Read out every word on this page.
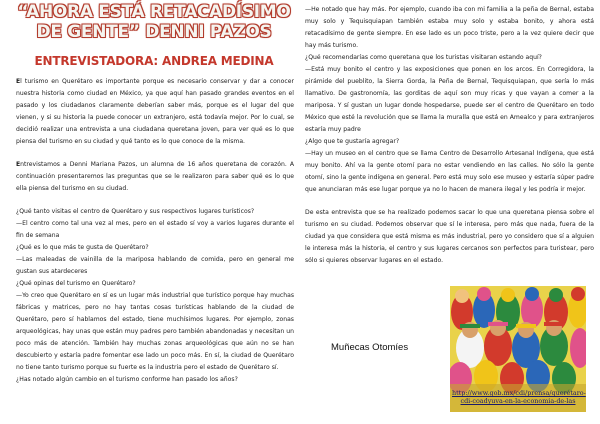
“AHORA ESTÁ RETACADÍSIMO DE GENTE” DENNI PAZOS
ENTREVISTADORA: ANDREA MEDINA

El turismo en Querétaro es importante porque es necesario conservar y dar a conocer nuestra historia como ciudad en México, ya que aquí han pasado grandes eventos en el pasado y los ciudadanos claramente deberían saber más, porque es el lugar del que vienen, y si su historia la puede conocer un extranjero, está todavía mejor. Por lo cual, se decidió realizar una entrevista a una ciudadana queretana joven, para ver qué es lo que piensa del turismo en su ciudad y qué tanto es lo que conoce de la misma.

Entrevistamos a Denni Mariana Pazos, un alumna de 16 años queretana de corazón. A continuación presentaremos las preguntas que se le realizaron para saber qué es lo que ella piensa del turismo en su ciudad.

¿Qué tanto visitas el centro de Querétaro y sus respectivos lugares turísticos?
—El centro como tal una vez al mes, pero en el estado sí voy a varios lugares durante el fin de semana

¿Qué es lo que más te gusta de Querétaro?
—Las maleadas de vainilla de la mariposa hablando de comida, pero en general me gustan sus atardeceres

¿Qué opinas del turismo en Querétaro?
—Yo creo que Querétaro en sí es un lugar más industrial que turístico porque hay muchas fábricas y matrices, pero no hay tantas cosas turísticas hablando de la ciudad de Querétaro, pero sí hablamos del estado, tiene muchísimos lugares. Por ejemplo, zonas arqueológicas, hay unas que están muy padres pero también abandonadas y necesitan un poco más de atención. También hay muchas zonas arqueológicas que aún no se han descubierto y estaría padre fomentar ese lado un poco más. En sí, la ciudad de Querétaro no tiene tanto turismo porque su fuerte es la industria pero el estado de Querétaro sí.

¿Has notado algún cambio en el turismo conforme han pasado los años?

—He notado que hay más. Por ejemplo, cuando iba con mi familia a la peña de Bernal, estaba muy solo y Tequisquiapan también estaba muy solo y estaba bonito, y ahora está retacadísimo de gente siempre. En ese lado es un poco triste, pero a la vez quiere decir que hay más turismo.

¿Qué recomendarías como queretana que los turistas visitaran estando aquí?
—Está muy bonito el centro y las exposiciones que ponen en los arcos. En Corregidora, la pirámide del pueblito, la Sierra Gorda, la Peña de Bernal, Tequisquiapan, que sería lo más llamativo. De gastronomía, las gorditas de aquí son muy ricas y que vayan a comer a la mariposa. Y sí gustan un lugar donde hospedarse, puede ser el centro de Querétaro en todo México que esté la revolución que se llama la muralla que está en Amealco y para extranjeros estaría muy padre

¿Algo que te gustaría agregar?
—Hay un museo en el centro que se llama Centro de Desarrollo Artesanal Indígena, que está muy bonito. Ahí va la gente otomí para no estar vendiendo en las calles. No sólo la gente otomí, sino la gente indígena en general. Pero está muy solo ese museo y estaría súper padre que anunciaran más ese lugar porque ya no lo hacen de manera ilegal y les podría ir mejor.

De esta entrevista que se ha realizado podemos sacar lo que una queretana piensa sobre el turismo en su ciudad. Podemos observar que sí le interesa, pero más que nada, fuera de la ciudad ya que considera que está misma es más industrial, pero yo considero que sí a alguien le interesa más la historia, el centro y sus lugares cercanos son perfectos para turistear, pero sólo si quieres observar lugares en el estado.

Muñecas Otomíes
http://www.gob.mx/cdi/prensa/querétaro-cdi-coadyuva-en-la-economia-de-las
